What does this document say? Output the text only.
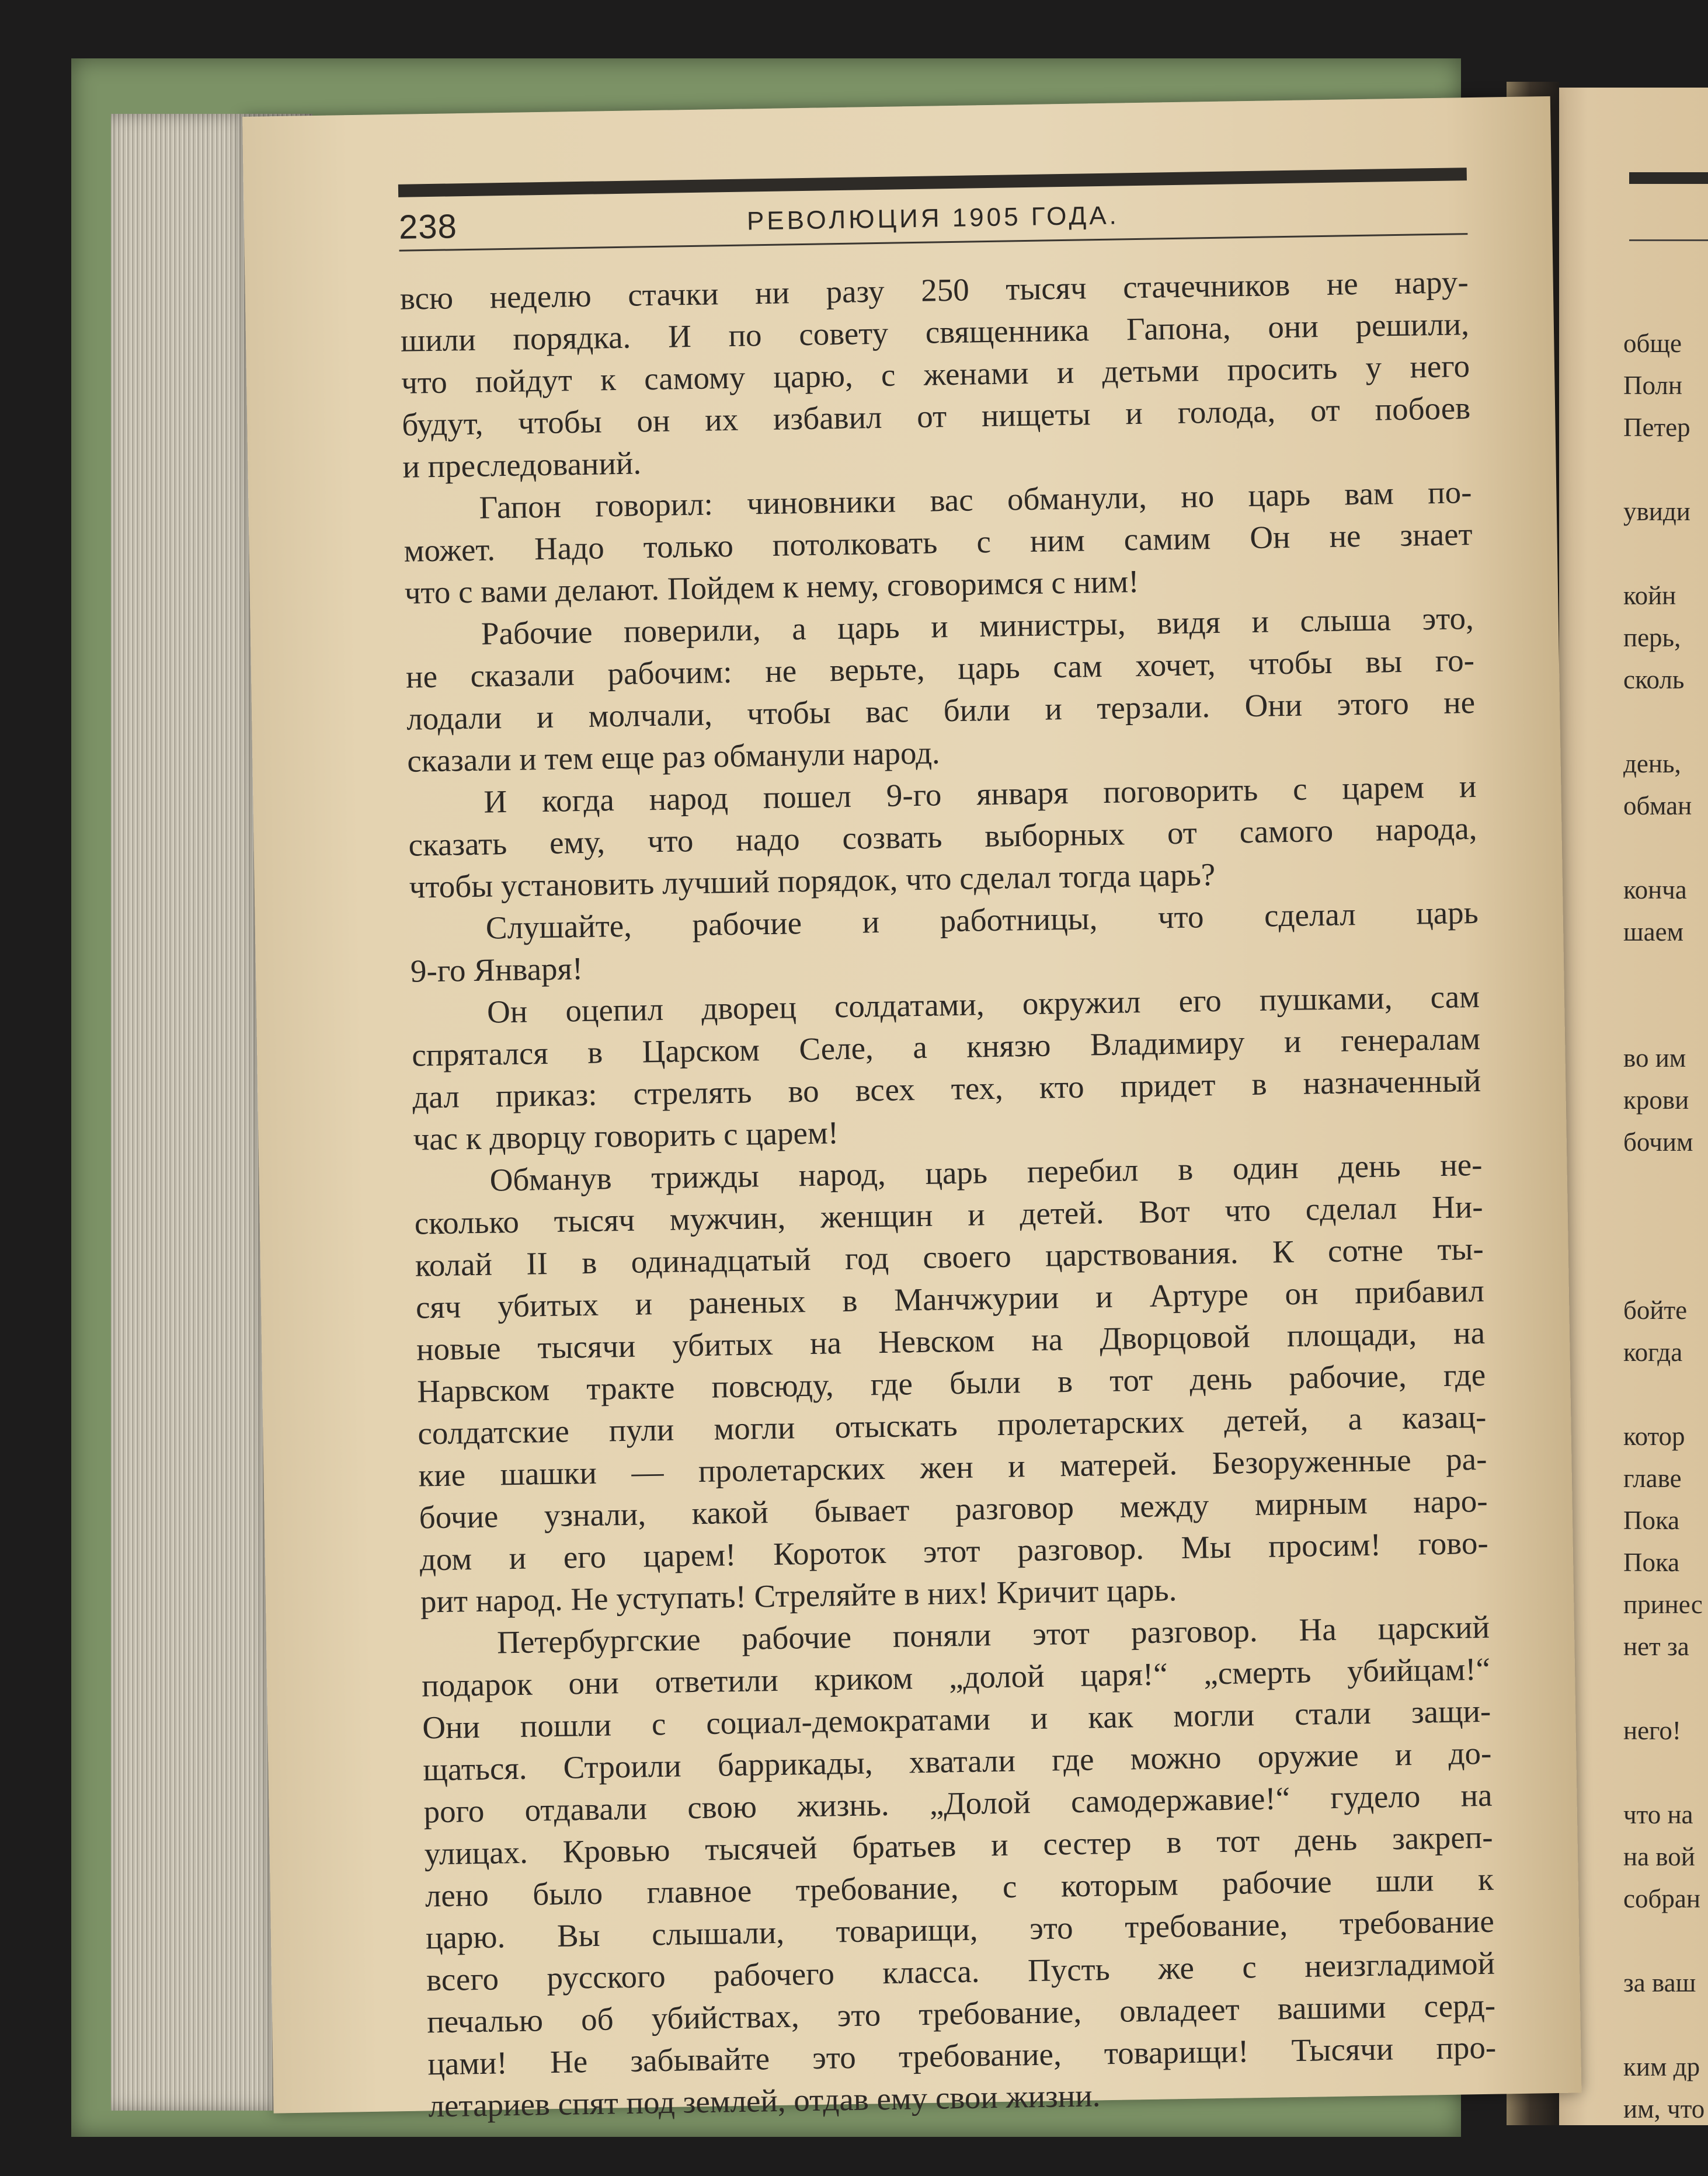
обще
Полн
Петер
увиди
койн
перь,
сколь
день,
обман
конча
шаем
во им
крови
бочим
бойте
когда
котор
главе
Пока
Пока
принес
нет за
него!
что на
на вой
собран
за ваш
ким др
им, что
238	РЕВОЛЮЦИЯ 1905 ГОДА.
всю неделю стачки ни разу 250 тысяч стачечников не нару-
шили порядка. И по совету священника Гапона, они решили,
что пойдут к самому царю, с женами и детьми просить у него
будут, чтобы он их избавил от нищеты и голода, от побоев
и преследований.
Гапон говорил: чиновники вас обманули, но царь вам по-
может. Надо только потолковать с ним самим Он не знает
что с вами делают. Пойдем к нему, сговоримся с ним!
Рабочие поверили, а царь и министры, видя и слыша это,
не сказали рабочим: не верьте, царь сам хочет, чтобы вы го-
лодали и молчали, чтобы вас били и терзали. Они этого не
сказали и тем еще раз обманули народ.
И когда народ пошел 9-го января поговорить с царем и
сказать ему, что надо созвать выборных от самого народа,
чтобы установить лучший порядок, что сделал тогда царь?
Слушайте, рабочие и работницы, что сделал царь
9-го Января!
Он оцепил дворец солдатами, окружил его пушками, сам
спрятался в Царском Селе, а князю Владимиру и генералам
дал приказ: стрелять во всех тех, кто придет в назначенный
час к дворцу говорить с царем!
Обманув трижды народ, царь перебил в один день не-
сколько тысяч мужчин, женщин и детей. Вот что сделал Ни-
колай II в одинадцатый год своего царствования. К сотне ты-
сяч убитых и раненых в Манчжурии и Артуре он прибавил
новые тысячи убитых на Невском на Дворцовой площади, на
Нарвском тракте повсюду, где были в тот день рабочие, где
солдатские пули могли отыскать пролетарских детей, а казац-
кие шашки — пролетарских жен и матерей. Безоруженные ра-
бочие узнали, какой бывает разговор между мирным наро-
дом и его царем! Короток этот разговор. Мы просим! гово-
рит народ. Не уступать! Стреляйте в них! Кричит царь.
Петербургские рабочие поняли этот разговор. На царский
подарок они ответили криком „долой царя!“ „смерть убийцам!“
Они пошли с социал-демократами и как могли стали защи-
щаться. Строили баррикады, хватали где можно оружие и до-
рого отдавали свою жизнь. „Долой самодержавие!“ гудело на
улицах. Кровью тысячей братьев и сестер в тот день закреп-
лено было главное требование, с которым рабочие шли к
царю. Вы слышали, товарищи, это требование, требование
всего русского рабочего класса. Пусть же с неизгладимой
печалью об убийствах, это требование, овладеет вашими серд-
цами! Не забывайте это требование, товарищи! Тысячи про-
летариев спят под землей, отдав ему свои жизни.
